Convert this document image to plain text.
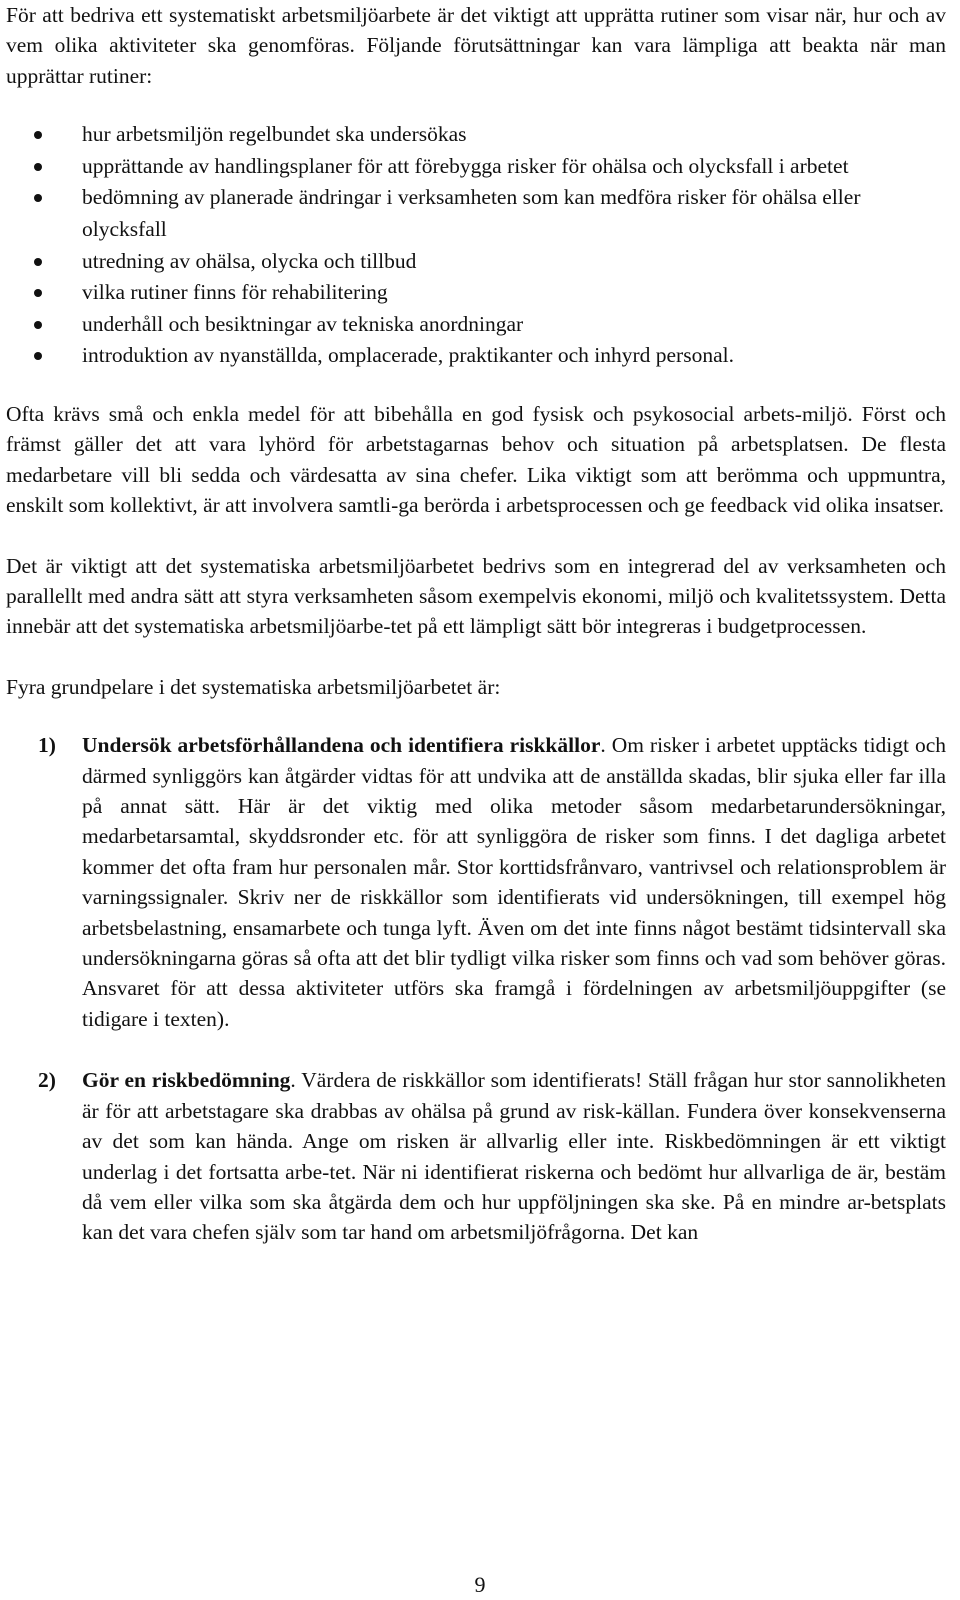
För att bedriva ett systematiskt arbetsmiljöarbete är det viktigt att upprätta rutiner som visar när, hur och av vem olika aktiviteter ska genomföras. Följande förutsättningar kan vara lämpliga att beakta när man upprättar rutiner:

hur arbetsmiljön regelbundet ska undersökas
upprättande av handlingsplaner för att förebygga risker för ohälsa och olycksfall i arbetet
bedömning av planerade ändringar i verksamheten som kan medföra risker för ohälsa eller olycksfall
utredning av ohälsa, olycka och tillbud
vilka rutiner finns för rehabilitering
underhåll och besiktningar av tekniska anordningar
introduktion av nyanställda, omplacerade, praktikanter och inhyrd personal.

Ofta krävs små och enkla medel för att bibehålla en god fysisk och psykosocial arbets-miljö. Först och främst gäller det att vara lyhörd för arbetstagarnas behov och situation på arbetsplatsen. De flesta medarbetare vill bli sedda och värdesatta av sina chefer. Lika viktigt som att berömma och uppmuntra, enskilt som kollektivt, är att involvera samtli-ga berörda i arbetsprocessen och ge feedback vid olika insatser.

Det är viktigt att det systematiska arbetsmiljöarbetet bedrivs som en integrerad del av verksamheten och parallellt med andra sätt att styra verksamheten såsom exempelvis ekonomi, miljö och kvalitetssystem. Detta innebär att det systematiska arbetsmiljöarbe-tet på ett lämpligt sätt bör integreras i budgetprocessen.

Fyra grundpelare i det systematiska arbetsmiljöarbetet är:

1) Undersök arbetsförhållandena och identifiera riskkällor. Om risker i arbetet upptäcks tidigt och därmed synliggörs kan åtgärder vidtas för att undvika att de anställda skadas, blir sjuka eller far illa på annat sätt. Här är det viktig med olika metoder såsom medarbetarundersökningar, medarbetarsamtal, skyddsronder etc. för att synliggöra de risker som finns. I det dagliga arbetet kommer det ofta fram hur personalen mår. Stor korttidsfrånvaro, vantrivsel och relationsproblem är varningssignaler. Skriv ner de riskkällor som identifierats vid undersökningen, till exempel hög arbetsbelastning, ensamarbete och tunga lyft. Även om det inte finns något bestämt tidsintervall ska undersökningarna göras så ofta att det blir tydligt vilka risker som finns och vad som behöver göras. Ansvaret för att dessa aktiviteter utförs ska framgå i fördelningen av arbetsmiljöuppgifter (se tidigare i texten).

2) Gör en riskbedömning. Värdera de riskkällor som identifierats! Ställ frågan hur stor sannolikheten är för att arbetstagare ska drabbas av ohälsa på grund av risk-källan. Fundera över konsekvenserna av det som kan hända. Ange om risken är allvarlig eller inte. Riskbedömningen är ett viktigt underlag i det fortsatta arbe-tet. När ni identifierat riskerna och bedömt hur allvarliga de är, bestäm då vem eller vilka som ska åtgärda dem och hur uppföljningen ska ske. På en mindre ar-betsplats kan det vara chefen själv som tar hand om arbetsmiljöfrågorna. Det kan

9
